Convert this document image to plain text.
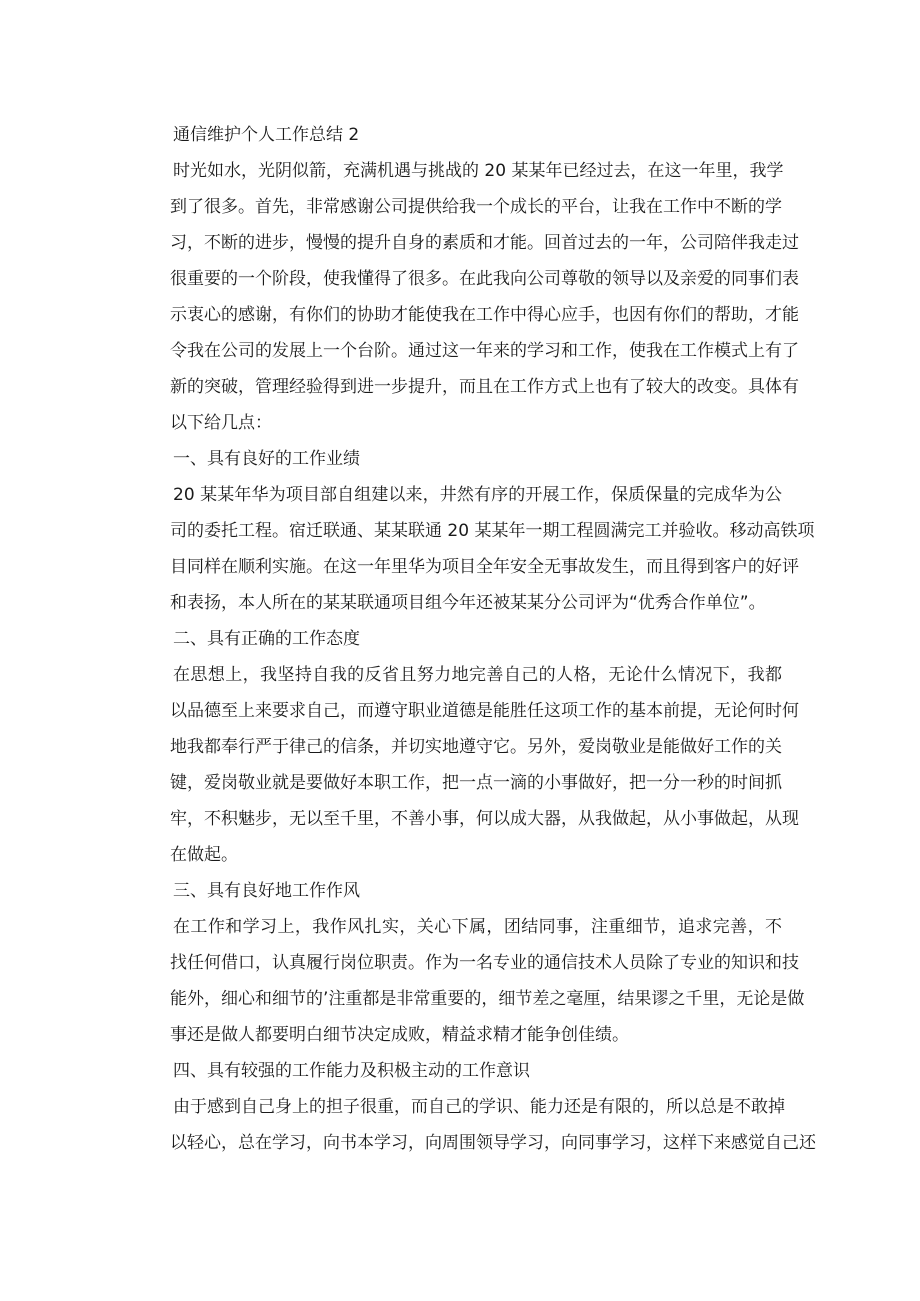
通信维护个人工作总结 2
时光如水，光阴似箭，充满机遇与挑战的 20 某某年已经过去，在这一年里，我学
到了很多。首先，非常感谢公司提供给我一个成长的平台，让我在工作中不断的学
习，不断的进步，慢慢的提升自身的素质和才能。回首过去的一年，公司陪伴我走过
很重要的一个阶段，使我懂得了很多。在此我向公司尊敬的领导以及亲爱的同事们表
示衷心的感谢，有你们的协助才能使我在工作中得心应手，也因有你们的帮助，才能
令我在公司的发展上一个台阶。通过这一年来的学习和工作，使我在工作模式上有了
新的突破，管理经验得到进一步提升，而且在工作方式上也有了较大的改变。具体有
以下给几点：
一、具有良好的工作业绩
20 某某年华为项目部自组建以来，井然有序的开展工作，保质保量的完成华为公
司的委托工程。宿迁联通、某某联通 20 某某年一期工程圆满完工并验收。移动高铁项
目同样在顺利实施。在这一年里华为项目全年安全无事故发生，而且得到客户的好评
和表扬，本人所在的某某联通项目组今年还被某某分公司评为“优秀合作单位”。
二、具有正确的工作态度
在思想上，我坚持自我的反省且努力地完善自己的人格，无论什么情况下，我都
以品德至上来要求自己，而遵守职业道德是能胜任这项工作的基本前提，无论何时何
地我都奉行严于律己的信条，并切实地遵守它。另外，爱岗敬业是能做好工作的关
键，爱岗敬业就是要做好本职工作，把一点一滴的小事做好，把一分一秒的时间抓
牢，不积魅步，无以至千里，不善小事，何以成大器，从我做起，从小事做起，从现
在做起。
三、具有良好地工作作风
在工作和学习上，我作风扎实，关心下属，团结同事，注重细节，追求完善，不
找任何借口，认真履行岗位职责。作为一名专业的通信技术人员除了专业的知识和技
能外，细心和细节的’注重都是非常重要的，细节差之毫厘，结果谬之千里，无论是做
事还是做人都要明白细节决定成败，精益求精才能争创佳绩。
四、具有较强的工作能力及积极主动的工作意识
由于感到自己身上的担子很重，而自己的学识、能力还是有限的，所以总是不敢掉
以轻心，总在学习，向书本学习，向周围领导学习，向同事学习，这样下来感觉自己还
